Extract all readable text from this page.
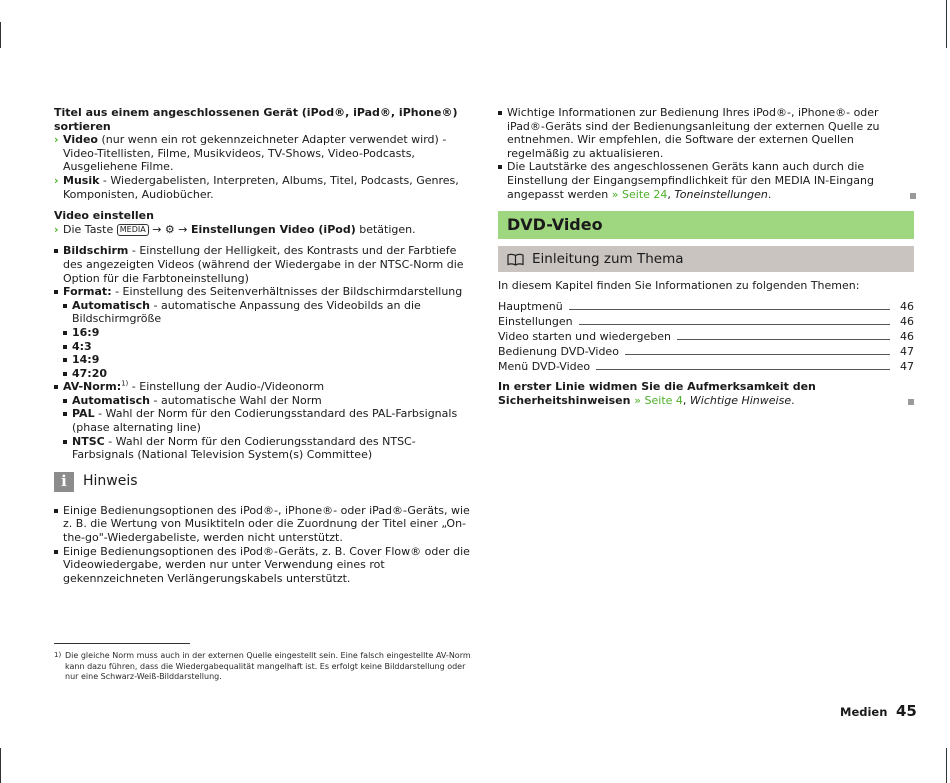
Titel aus einem angeschlossenen Gerät (iPod®, iPad®, iPhone®) sortieren

› Video (nur wenn ein rot gekennzeichneter Adapter verwendet wird) - Video-Titellisten, Filme, Musikvideos, TV-Shows, Video-Podcasts, Ausgeliehene Filme.
› Musik - Wiedergabelisten, Interpreten, Albums, Titel, Podcasts, Genres, Komponisten, Audiobücher.

Video einstellen

› Die Taste MEDIA → ⚙ → Einstellungen Video (iPod) betätigen.
Bildschirm - Einstellung der Helligkeit, des Kontrasts und der Farbtiefe des angezeigten Videos (während der Wiedergabe in der NTSC-Norm die Option für die Farbtoneinstellung)
Format: - Einstellung des Seitenverhältnisses der Bildschirmdarstellung
Automatisch - automatische Anpassung des Videobilds an die Bildschirmgröße
16:9
4:3
14:9
47:20
AV-Norm:$^{1)}$ - Einstellung der Audio-/Videonorm
Automatisch - automatische Wahl der Norm
PAL - Wahl der Norm für den Codierungsstandard des PAL-Farbsignals (phase alternating line)
NTSC - Wahl der Norm für den Codierungsstandard des NTSC-Farbsignals (National Television System(s) Committee)
i	Hinweis
Einige Bedienungsoptionen des iPod®-, iPhone®- oder iPad®-Geräts, wie z. B. die Wertung von Musiktiteln oder die Zuordnung der Titel einer „On-the-go"-Wiedergabeliste, werden nicht unterstützt.
Einige Bedienungsoptionen des iPod®-Geräts, z. B. Cover Flow® oder die Videowiedergabe, werden nur unter Verwendung eines rot gekennzeichneten Verlängerungskabels unterstützt.
Wichtige Informationen zur Bedienung Ihres iPod®-, iPhone®- oder iPad®-Geräts sind der Bedienungsanleitung der externen Quelle zu entnehmen. Wir empfehlen, die Software der externen Quellen regelmäßig zu aktualisieren.
Die Lautstärke des angeschlossenen Geräts kann auch durch die Einstellung der Eingangsempfindlichkeit für den MEDIA IN-Eingang angepasst werden » Seite 24, Toneinstellungen.
DVD-Video
Einleitung zum Thema

In diesem Kapitel finden Sie Informationen zu folgenden Themen:

Hauptmenü	46
Einstellungen	46
Video starten und wiedergeben	46
Bedienung DVD-Video	47
Menü DVD-Video	47
In erster Linie widmen Sie die Aufmerksamkeit den Sicherheitshinweisen » Seite 4, Wichtige Hinweise.
1) Die gleiche Norm muss auch in der externen Quelle eingestellt sein. Eine falsch eingestellte AV-Norm kann dazu führen, dass die Wiedergabequalität mangelhaft ist. Es erfolgt keine Bilddarstellung oder nur eine Schwarz-Weiß-Bilddarstellung.
Medien 45
